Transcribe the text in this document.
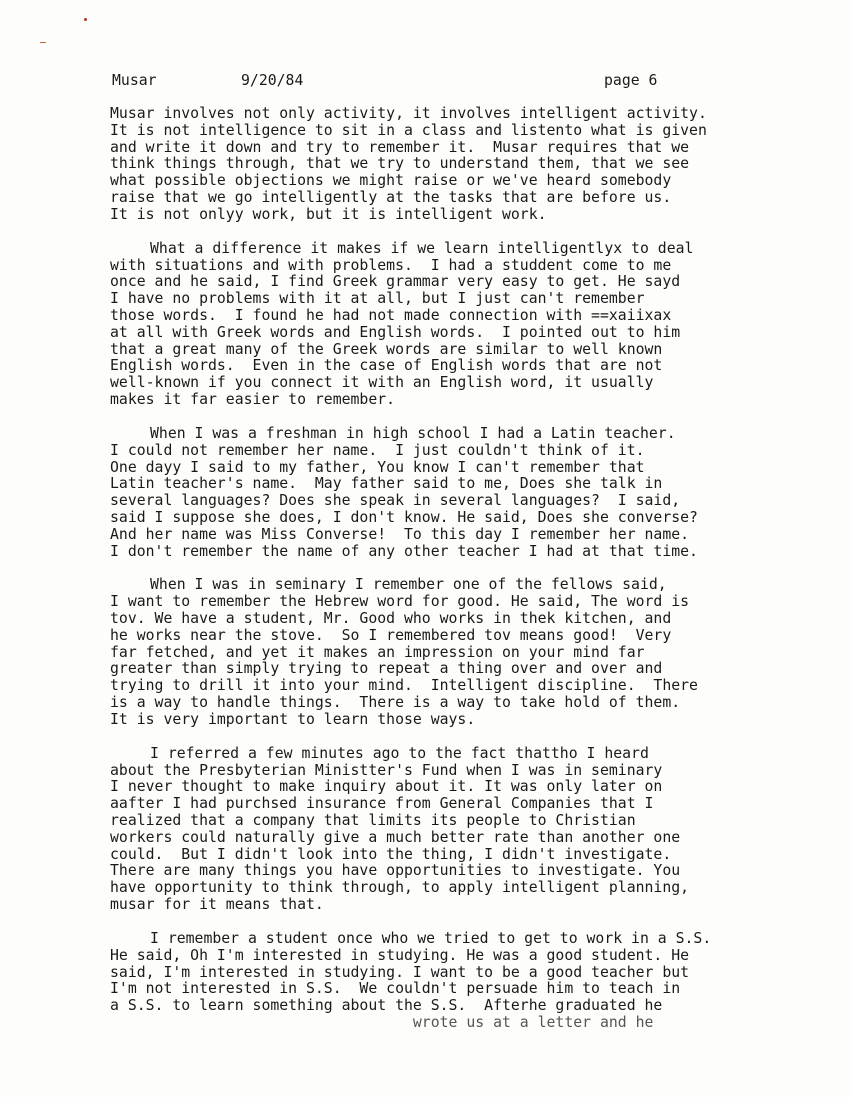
Musar	9/20/84	page 6

Musar involves not only activity, it involves intelligent activity.
It is not intelligence to sit in a class and listento what is given
and write it down and try to remember it.  Musar requires that we
think things through, that we try to understand them, that we see
what possible objections we might raise or we've heard somebody
raise that we go intelligently at the tasks that are before us.
It is not onlyy work, but it is intelligent work.

What a difference it makes if we learn intelligentlyx to deal
with situations and with problems.  I had a studdent come to me
once and he said, I find Greek grammar very easy to get. He sayd
I have no problems with it at all, but I just can't remember
those words.  I found he had not made connection with ==xaiixax
at all with Greek words and English words.  I pointed out to him
that a great many of the Greek words are similar to well known
English words.  Even in the case of English words that are not
well-known if you connect it with an English word, it usually
makes it far easier to remember.

When I was a freshman in high school I had a Latin teacher.
I could not remember her name.  I just couldn't think of it.
One dayy I said to my father, You know I can't remember that
Latin teacher's name.  May father said to me, Does she talk in
several languages? Does she speak in several languages?  I said,
said I suppose she does, I don't know. He said, Does she converse?
And her name was Miss Converse!  To this day I remember her name.
I don't remember the name of any other teacher I had at that time.

When I was in seminary I remember one of the fellows said,
I want to remember the Hebrew word for good. He said, The word is
tov. We have a student, Mr. Good who works in thek kitchen, and
he works near the stove.  So I remembered tov means good!  Very
far fetched, and yet it makes an impression on your mind far
greater than simply trying to repeat a thing over and over and
trying to drill it into your mind.  Intelligent discipline.  There
is a way to handle things.  There is a way to take hold of them.
It is very important to learn those ways.

I referred a few minutes ago to the fact thattho I heard
about the Presbyterian Ministter's Fund when I was in seminary
I never thought to make inquiry about it. It was only later on
aafter I had purchsed insurance from General Companies that I
realized that a company that limits its people to Christian
workers could naturally give a much better rate than another one
could.  But I didn't look into the thing, I didn't investigate.
There are many things you have opportunities to investigate. You
have opportunity to think through, to apply intelligent planning,
musar for it means that.

I remember a student once who we tried to get to work in a S.S.
He said, Oh I'm interested in studying. He was a good student. He
said, I'm interested in studying. I want to be a good teacher but
I'm not interested in S.S.  We couldn't persuade him to teach in
a S.S. to learn something about the S.S.  Afterhe graduated he
wrote us at a letter and he
